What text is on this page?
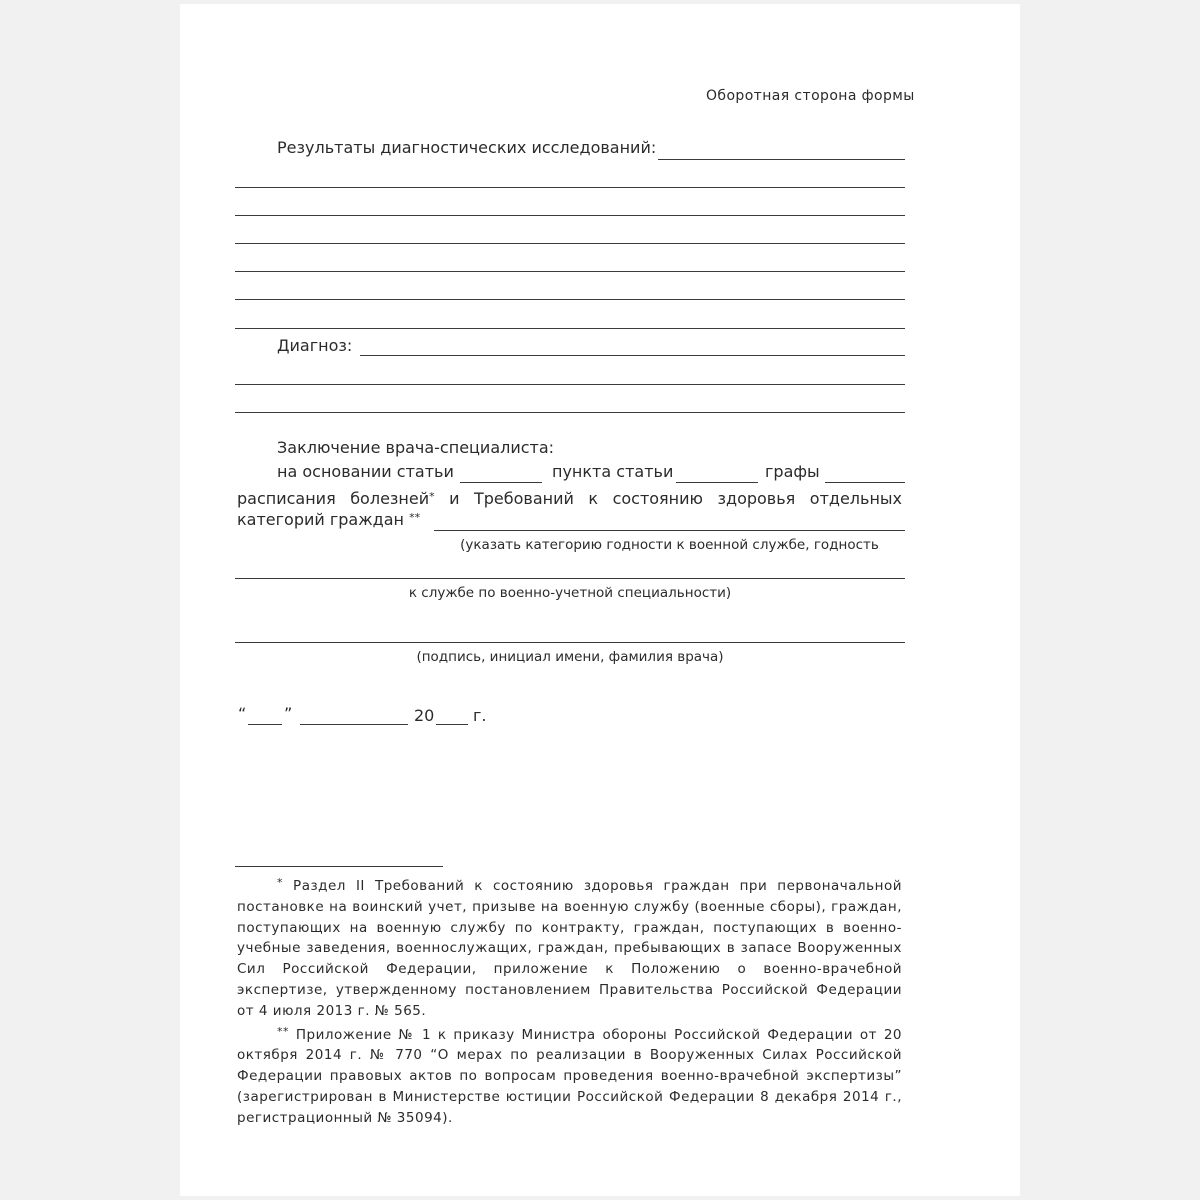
Оборотная сторона формы
Результаты диагностических исследований:
Диагноз:
Заключение врача-специалиста:
на основании статьи	пункта статьи	графы
расписания болезней* и Требований к состоянию здоровья отдельных
категорий граждан **
(указать категорию годности к военной службе, годность
к службе по военно-учетной специальности)
(подпись, инициал имени, фамилия врача)
“ ”	20 г.

* Раздел II Требований к состоянию здоровья граждан при первоначальной постановке на воинский учет, призыве на военную службу (военные сборы), граждан, поступающих на военную службу по контракту, граждан, поступающих в военно-учебные заведения, военнослужащих, граждан, пребывающих в запасе Вооруженных Сил Российской Федерации, приложение к Положению о военно-врачебной экспертизе, утвержденному постановлением Правительства Российской Федерации от 4 июля 2013 г. № 565.

** Приложение № 1 к приказу Министра обороны Российской Федерации от 20 октября 2014 г. № 770 “О мерах по реализации в Вооруженных Силах Российской Федерации правовых актов по вопросам проведения военно-врачебной экспертизы” (зарегистрирован в Министерстве юстиции Российской Федерации 8 декабря 2014 г., регистрационный № 35094).
